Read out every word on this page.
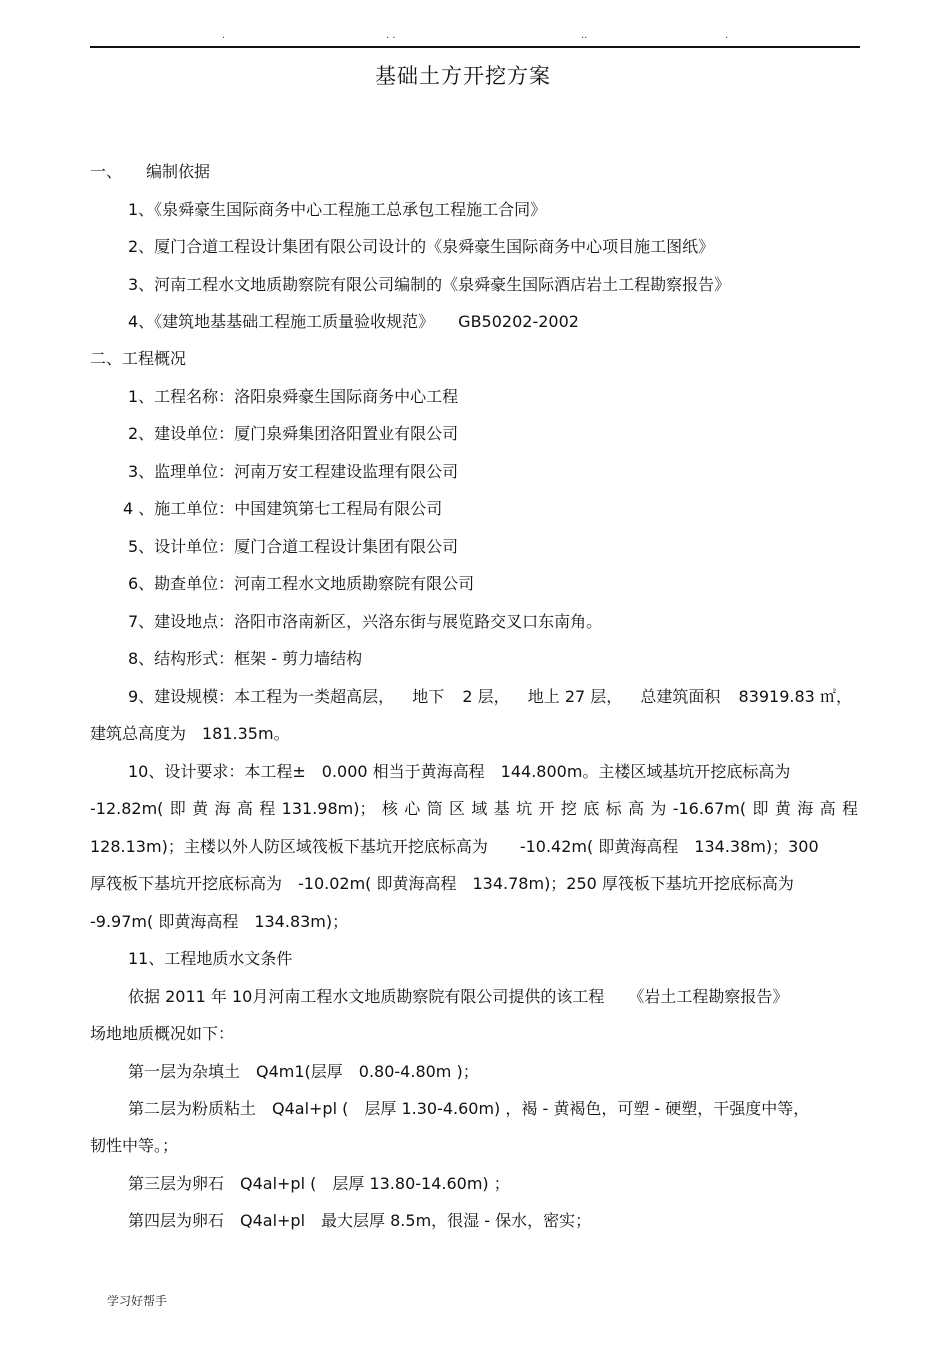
.	. .	..	.
基础土方开挖方案
一、　　编制依据
1、《泉舜豪生国际商务中心工程施工总承包工程施工合同》
2、厦门合道工程设计集团有限公司设计的《泉舜豪生国际商务中心项目施工图纸》
3、河南工程水文地质勘察院有限公司编制的《泉舜豪生国际酒店岩土工程勘察报告》
4、《建筑地基基础工程施工质量验收规范》　　GB50202-2002
二、工程概况
1、工程名称：洛阳泉舜豪生国际商务中心工程
2、建设单位：厦门泉舜集团洛阳置业有限公司
3、监理单位：河南万安工程建设监理有限公司
4 、施工单位：中国建筑第七工程局有限公司
5、设计单位：厦门合道工程设计集团有限公司
6、勘查单位：河南工程水文地质勘察院有限公司
7、建设地点：洛阳市洛南新区，兴洛东街与展览路交叉口东南角。
8、结构形式：框架 - 剪力墙结构
9、建设规模：本工程为一类超高层， 地下 2 层， 地上 27 层， 总建筑面积 83919.83 ㎡，
建筑总高度为　181.35m。
10、设计要求：本工程±　0.000 相当于黄海高程　144.800m。主楼区域基坑开挖底标高为
-12.82m( 即 黄 海 高 程 131.98m)； 核 心 筒 区 域 基 坑 开 挖 底 标 高 为 -16.67m( 即 黄 海 高 程
128.13m)；主楼以外人防区域筏板下基坑开挖底标高为　　-10.42m( 即黄海高程　134.38m)；300
厚筏板下基坑开挖底标高为　-10.02m( 即黄海高程　134.78m)；250 厚筏板下基坑开挖底标高为
-9.97m( 即黄海高程　134.83m)；
11、工程地质水文条件
依据 2011 年 10月河南工程水文地质勘察院有限公司提供的该工程　　《岩土工程勘察报告》
场地地质概况如下：
第一层为杂填土　Q4m1(层厚　0.80-4.80m )；
第二层为粉质粘土　Q4al+pl (　层厚 1.30-4.60m) ，褐 - 黄褐色，可塑 - 硬塑，干强度中等，
韧性中等。；
第三层为卵石　Q4al+pl (　层厚 13.80-14.60m) ；
第四层为卵石　Q4al+pl　最大层厚 8.5m，很湿 - 保水，密实；
学习好帮手
